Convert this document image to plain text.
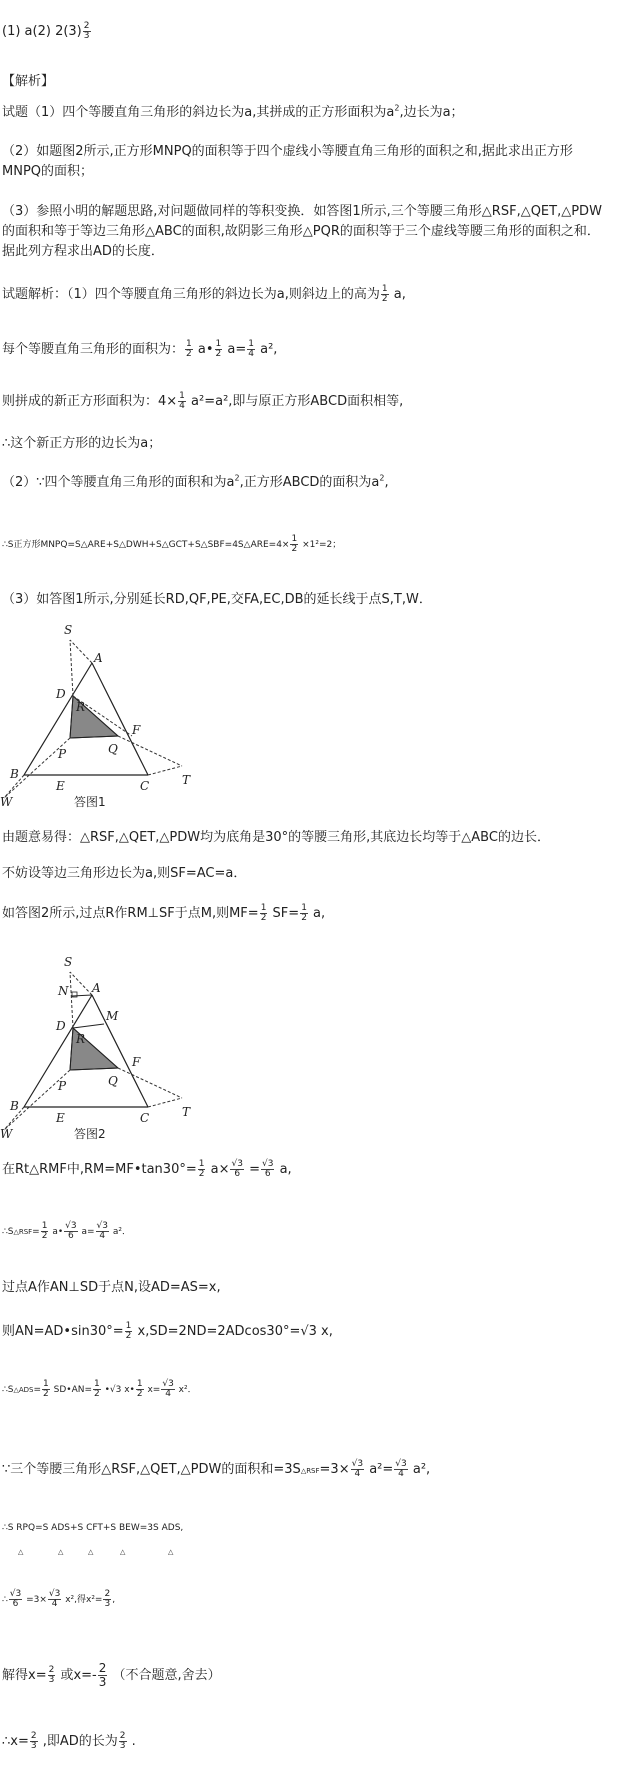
(1) a(2) $2(3) \frac{2}{3}$
【解析】
试题（1）四个等腰直角三角形的斜边长为a,其拼成的正方形面积为$a^2$,边长为a；
（2）如题图2所示,正方形MNPQ的面积等于四个虚线小等腰直角三角形的面积之和,据此求出正方形MNPQ的面积；
（3）参照小明的解题思路,对问题做同样的等积变换．如答图1所示,三个等腰三角形△RSF,△QET,△PDW的面积和等于等边三角形△ABC的面积,故阴影三角形△PQR的面积等于三个虚线等腰三角形的面积之和．据此列方程求出AD的长度．
试题解析：（1）四个等腰直角三角形的斜边长为a,则斜边上的高为 $\frac{1}{2} a$,
每个等腰直角三角形的面积为： $\frac{1}{2}$ a• $\frac{1}{2} a= \frac{1}{4} a^2$,
则拼成的新正方形面积为：$4\times \frac{1}{4} a^2=a^2$,即与原正方形ABCD面积相等,
∴这个新正方形的边长为a；
（2）∵四个等腰直角三角形的面积和为$a^2$,正方形ABCD的面积为$a^2$,
∴S正方形MNPQ=S△ARE+S△DWH+S△GCT+S△SBF=4S△ARE=4× $\frac{1}{2} \times 1^2=2$；
（3）如答图1所示,分别延长RD,QF,PE,交FA,EC,DB的延长线于点S,T,W．
S
A
D
R
F
Q
B
P
E	C	T
W	答图1
由题意易得：△RSF,△QET,△PDW均为底角是30°的等腰三角形,其底边长均等于△ABC的边长．
不妨设等边三角形边长为a,则SF=AC=a．
如答图2所示,过点R作RM⊥SF于点M,则$MF= \frac{1}{2} SF= \frac{1}{2} a$,
S
N A
M
D
R
F
Q
B
P
E	C	T
W	答图2
在Rt△RMF中,RM=MF•tan30°= $\frac{1}{2} a\times \frac{√3}{6} = \frac{√3}{6} a$,
∴S△RSF= $\frac{1}{2}$ a• $\frac{√3}{6} a= \frac{√3}{4} a^2$．
过点A作AN⊥SD于点N,设AD=AS=x,
则AN=AD•sin30°= $\frac{1}{2} x,SD=2ND=2ADcos30^\circ=√3$ x,
∴S△ADS= $\frac{1}{2}$ SD•AN= $\frac{1}{2}$ •√3 x• $\frac{1}{2} x= \frac{√3}{4} x^2$．
∵三个等腰三角形△RSF,△QET,△PDW的面积和=3S△RSF=3× $\frac{√3}{4} a^2= \frac{√3}{4} a^2$,
∴S RPQ=S ADS+S CFT+S BEW=3S ADS,
△	△	△	△	△
∴ $\frac{√3}{6} =3\times \frac{√3}{4} x^2$,得$x^2= \frac{2}{3}$ ,
解得$x= \frac{2}{3}$ 或$x=- \frac{2}{3}$ （不合题意,舍去）
∴x= $\frac{2}{3}$ ,即AD的长为 $\frac{2}{3}$ .
